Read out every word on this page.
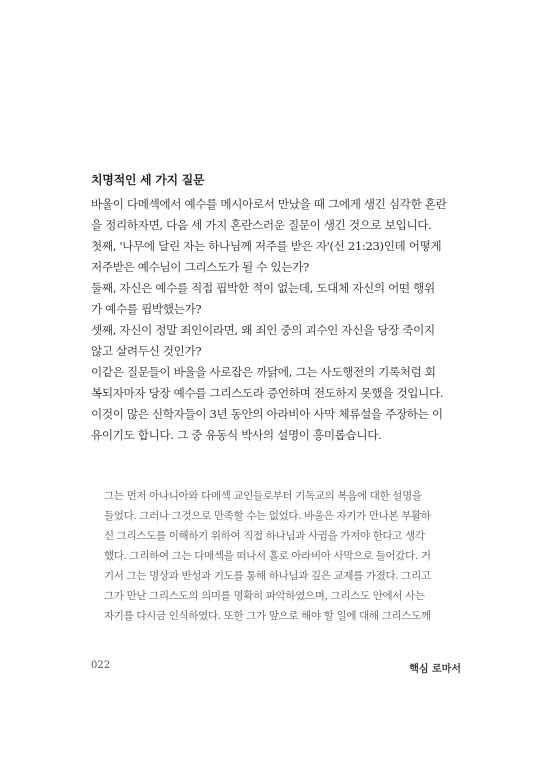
치명적인 세 가지 질문
바울이 다메섹에서 예수를 메시아로서 만났을 때 그에게 생긴 심각한 혼란
을 정리하자면, 다음 세 가지 혼란스러운 질문이 생긴 것으로 보입니다.
첫째, '나무에 달린 자는 하나님께 저주를 받은 자'(신 21:23)인데 어떻게
저주받은 예수님이 그리스도가 될 수 있는가?
둘째, 자신은 예수를 직접 핍박한 적이 없는데, 도대체 자신의 어떤 행위
가 예수를 핍박했는가?
셋째, 자신이 정말 죄인이라면, 왜 죄인 중의 괴수인 자신을 당장 죽이지
않고 살려두신 것인가?
이같은 질문들이 바울을 사로잡은 까닭에, 그는 사도행전의 기록처럼 회
복되자마자 당장 예수를 그리스도라 증언하며 전도하지 못했을 것입니다.
이것이 많은 신학자들이 3년 동안의 아라비아 사막 체류설을 주장하는 이
유이기도 합니다. 그 중 유동식 박사의 설명이 흥미롭습니다.
그는 먼저 아나니아와 다메섹 교인들로부터 기독교의 복음에 대한 설명을
들었다. 그러나 그것으로 만족할 수는 없었다. 바울은 자기가 만나본 부활하
신 그리스도를 이해하기 위하여 직접 하나님과 사귐을 가져야 한다고 생각
했다. 그리하여 그는 다메섹을 떠나서 홀로 아라비아 사막으로 들어갔다. 거
기서 그는 명상과 반성과 기도를 통해 하나님과 깊은 교제를 가졌다. 그리고
그가 만난 그리스도의 의미를 명확히 파악하였으며, 그리스도 안에서 사는
자기를 다시금 인식하였다. 또한 그가 앞으로 해야 할 일에 대해 그리스도께
022	핵심 로마서
